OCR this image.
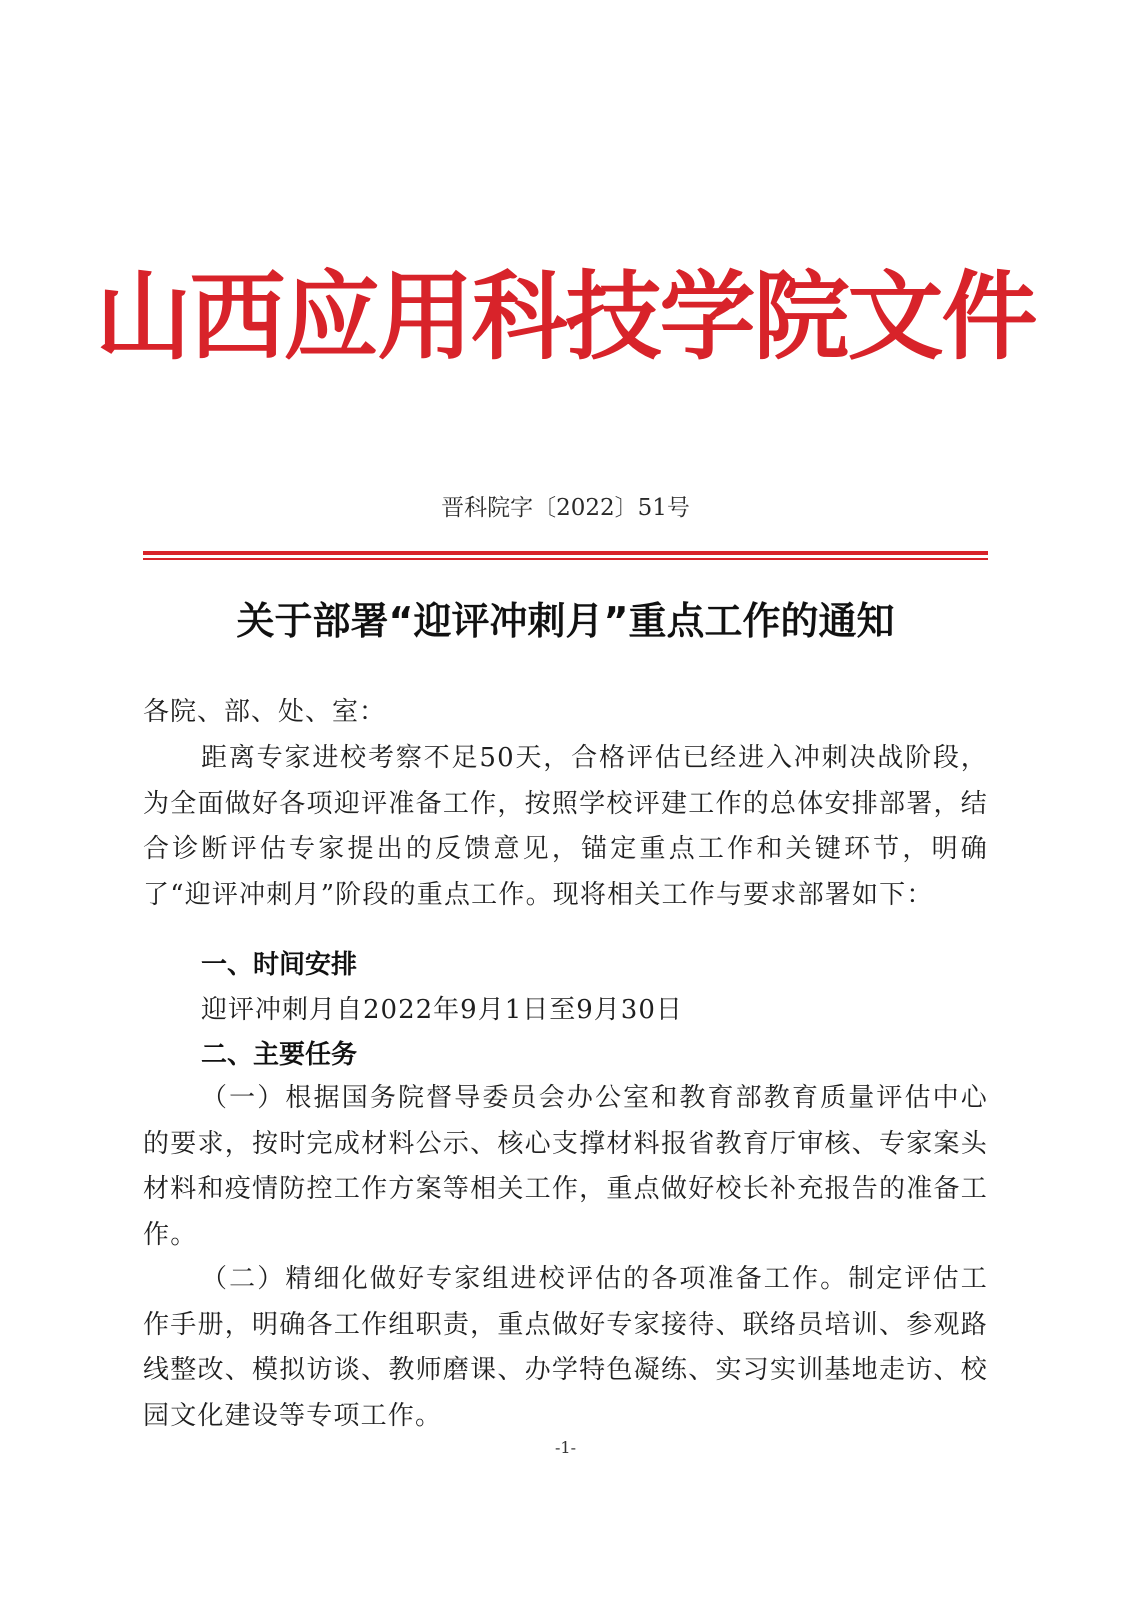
山西应用科技学院文件
晋科院字〔2022〕51号
关于部署“迎评冲刺月”重点工作的通知
各院、部、处、室：
距离专家进校考察不足50天，合格评估已经进入冲刺决战阶段，为全面做好各项迎评准备工作，按照学校评建工作的总体安排部署，结合诊断评估专家提出的反馈意见，锚定重点工作和关键环节，明确了“迎评冲刺月”阶段的重点工作。现将相关工作与要求部署如下：
一、时间安排
迎评冲刺月自2022年9月1日至9月30日
二、主要任务
（一）根据国务院督导委员会办公室和教育部教育质量评估中心的要求，按时完成材料公示、核心支撑材料报省教育厅审核、专家案头材料和疫情防控工作方案等相关工作，重点做好校长补充报告的准备工作。
（二）精细化做好专家组进校评估的各项准备工作。制定评估工作手册，明确各工作组职责，重点做好专家接待、联络员培训、参观路线整改、模拟访谈、教师磨课、办学特色凝练、实习实训基地走访、校园文化建设等专项工作。
-1-
